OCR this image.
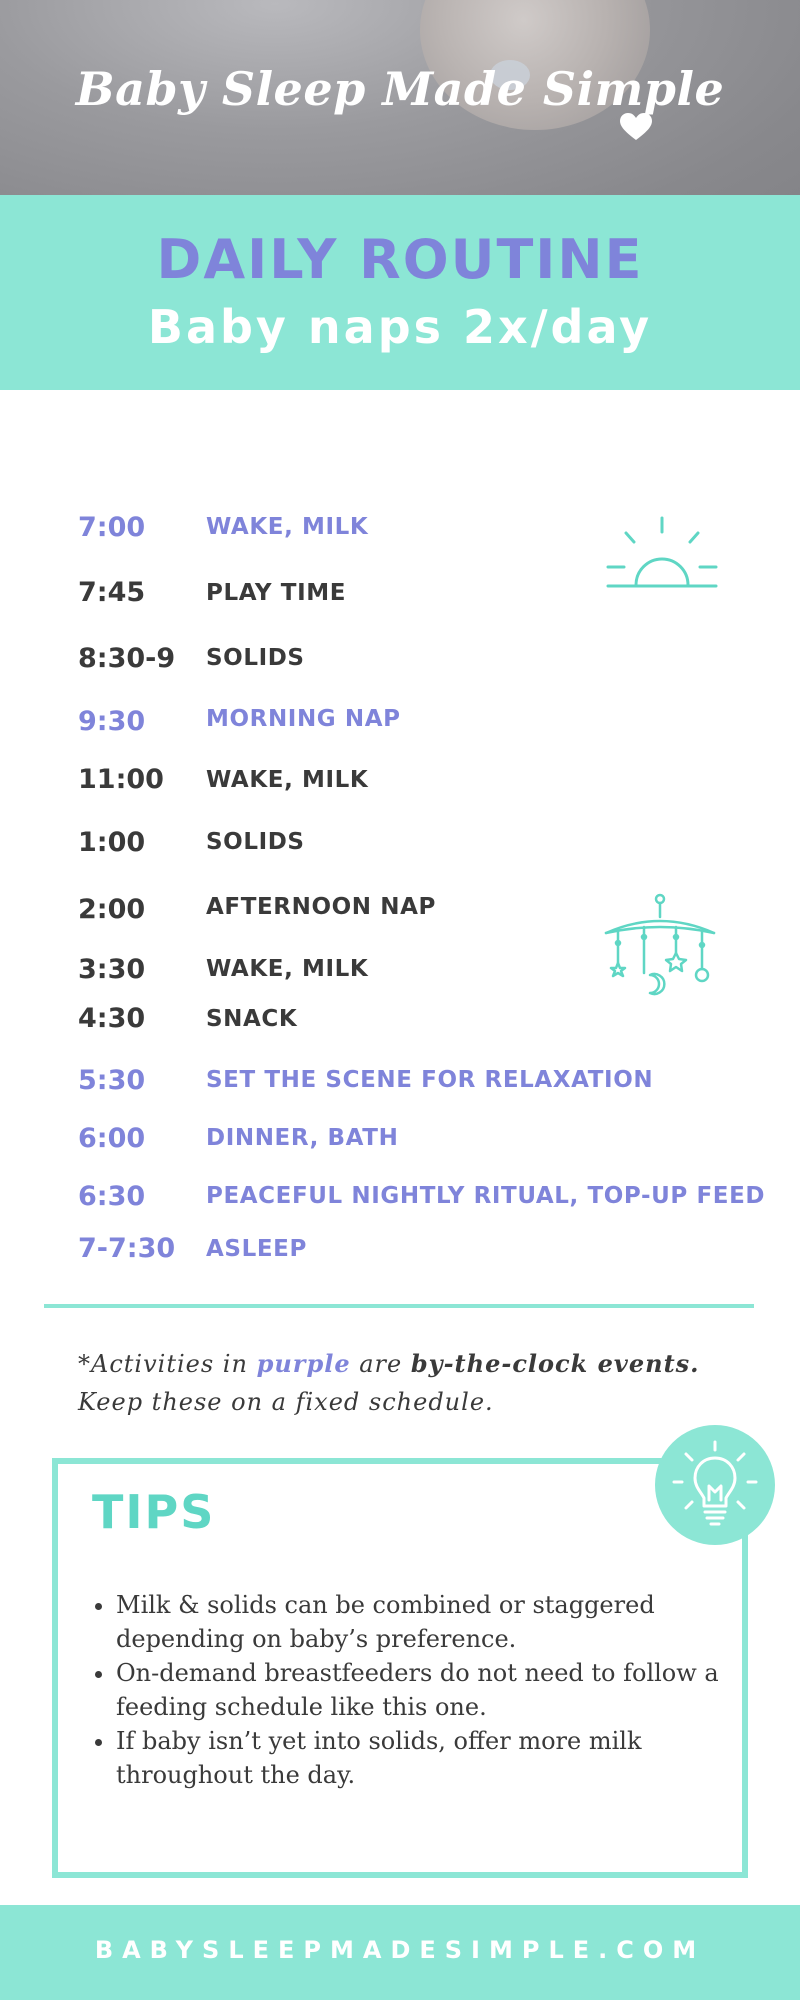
Baby Sleep Made Simple
DAILY ROUTINE
Baby naps 2x/day
7:00	WAKE, MILK
7:45	PLAY TIME
8:30-9 SOLIDS
9:30	MORNING NAP
11:00 WAKE, MILK
1:00	SOLIDS
2:00	AFTERNOON NAP
3:30	WAKE, MILK
4:30	SNACK
5:30	SET THE SCENE FOR RELAXATION
6:00	DINNER, BATH
6:30	PEACEFUL NIGHTLY RITUAL, TOP-UP FEED
7-7:30 ASLEEP
*Activities in purple are by-the-clock events.
Keep these on a fixed schedule.
TIPS
• Milk & solids can be combined or staggered depending on baby’s preference.
• On-demand breastfeeders do not need to follow a feeding schedule like this one.
• If baby isn’t yet into solids, offer more milk throughout the day.
BABYSLEEPMADESIMPLE.COM
